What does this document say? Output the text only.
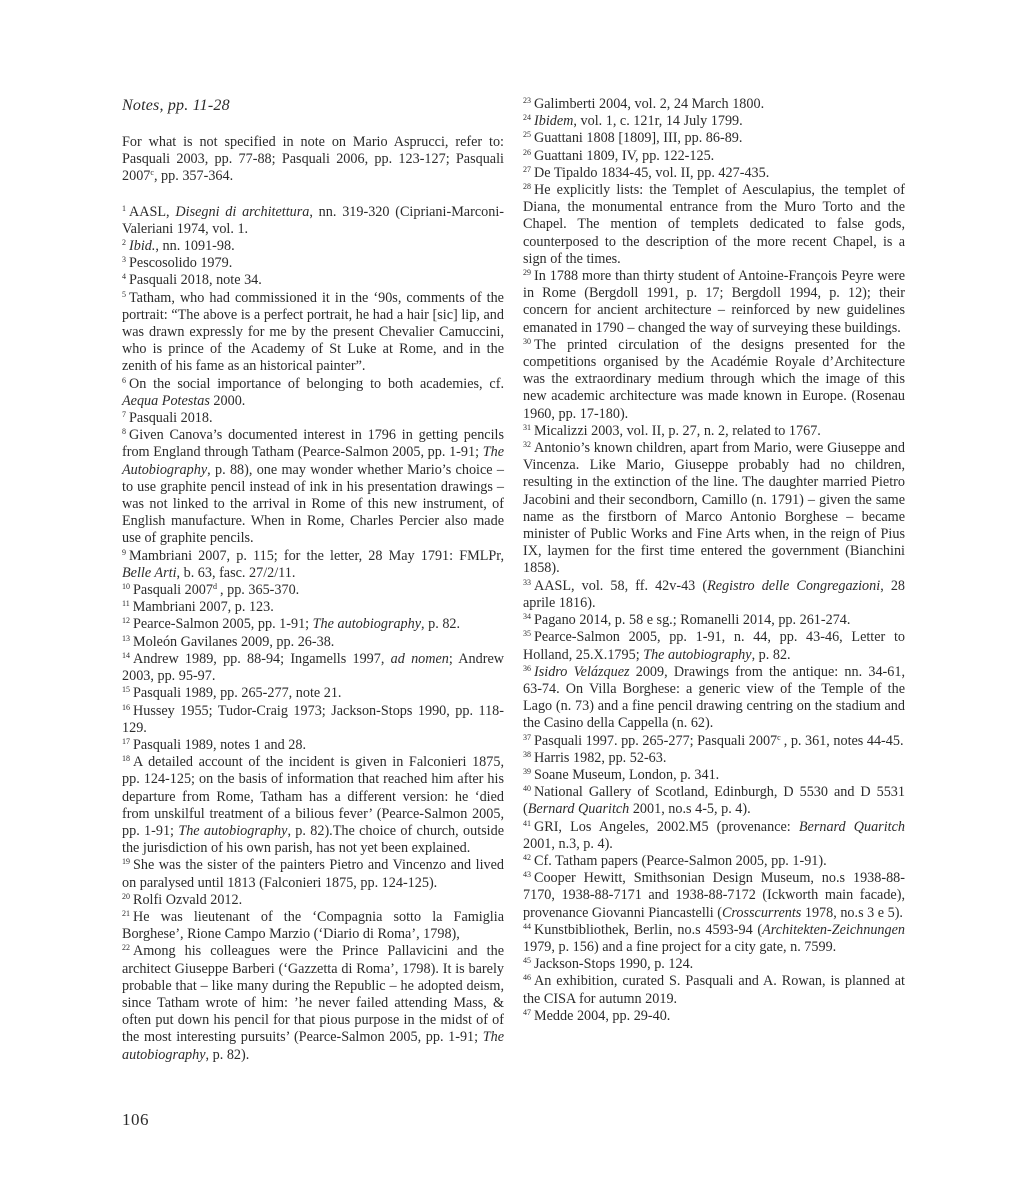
Notes, pp. 11-28

For what is not specified in note on Mario Asprucci, refer to: Pasquali 2003, pp. 77-88; Pasquali 2006, pp. 123-127; Pasquali 2007$^c$, pp. 357-364.

$^1$ AASL, Disegni di architettura, nn. 319-320 (Cipriani-Marconi-Valeriani 1974, vol. 1.

$^2$ Ibid., nn. 1091-98.

$^3$ Pescosolido 1979.

$^4$ Pasquali 2018, note 34.

$^5$ Tatham, who had commissioned it in the ‘90s, comments of the portrait: “The above is a perfect portrait, he had a hair [sic] lip, and was drawn expressly for me by the present Chevalier Camuccini, who is prince of the Academy of St Luke at Rome, and in the zenith of his fame as an historical painter”.

$^6$ On the social importance of belonging to both academies, cf. Aequa Potestas 2000.

$^7$ Pasquali 2018.

$^8$ Given Canova’s documented interest in 1796 in getting pencils from England through Tatham (Pearce-Salmon 2005, pp. 1-91; The Autobiography, p. 88), one may wonder whether Mario’s choice – to use graphite pencil instead of ink in his presentation drawings – was not linked to the arrival in Rome of this new instrument, of English manufacture. When in Rome, Charles Percier also made use of graphite pencils.

$^9$ Mambriani 2007, p. 115; for the letter, 28 May 1791: FMLPr, Belle Arti, b. 63, fasc. 27/2/11.

$^{10}$ Pasquali 2007$^d$ , pp. 365-370.

$^{11}$ Mambriani 2007, p. 123.

$^{12}$ Pearce-Salmon 2005, pp. 1-91; The autobiography, p. 82.

$^{13}$ Moleón Gavilanes 2009, pp. 26-38.

$^{14}$ Andrew 1989, pp. 88-94; Ingamells 1997, ad nomen; Andrew 2003, pp. 95-97.

$^{15}$ Pasquali 1989, pp. 265-277, note 21.

$^{16}$ Hussey 1955; Tudor-Craig 1973; Jackson-Stops 1990, pp. 118-129.

$^{17}$ Pasquali 1989, notes 1 and 28.

$^{18}$ A detailed account of the incident is given in Falconieri 1875, pp. 124-125; on the basis of information that reached him after his departure from Rome, Tatham has a different version: he ‘died from unskilful treatment of a bilious fever’ (Pearce-Salmon 2005, pp. 1-91; The autobiography, p. 82).The choice of church, outside the jurisdiction of his own parish, has not yet been explained.

$^{19}$ She was the sister of the painters Pietro and Vincenzo and lived on paralysed until 1813 (Falconieri 1875, pp. 124-125).

$^{20}$ Rolfi Ozvald 2012.

$^{21}$ He was lieutenant of the ‘Compagnia sotto la Famiglia Borghese’, Rione Campo Marzio (‘Diario di Roma’, 1798),

$^{22}$ Among his colleagues were the Prince Pallavicini and the architect Giuseppe Barberi (‘Gazzetta di Roma’, 1798). It is barely probable that – like many during the Republic – he adopted deism, since Tatham wrote of him: ’he never failed attending Mass, & often put down his pencil for that pious purpose in the midst of of the most interesting pursuits’ (Pearce-Salmon 2005, pp. 1-91; The autobiography, p. 82).

$^{23}$ Galimberti 2004, vol. 2, 24 March 1800.

$^{24}$ Ibidem, vol. 1, c. 121r, 14 July 1799.

$^{25}$ Guattani 1808 [1809], III, pp. 86-89.

$^{26}$ Guattani 1809, IV, pp. 122-125.

$^{27}$ De Tipaldo 1834-45, vol. II, pp. 427-435.

$^{28}$ He explicitly lists: the Templet of Aesculapius, the templet of Diana, the monumental entrance from the Muro Torto and the Chapel. The mention of templets dedicated to false gods, counterposed to the description of the more recent Chapel, is a sign of the times.

$^{29}$ In 1788 more than thirty student of Antoine-François Peyre were in Rome (Bergdoll 1991, p. 17; Bergdoll 1994, p. 12); their concern for ancient architecture – reinforced by new guidelines emanated in 1790 – changed the way of surveying these buildings.

$^{30}$ The printed circulation of the designs presented for the competitions organised by the Académie Royale d’Architecture was the extraordinary medium through which the image of this new academic architecture was made known in Europe. (Rosenau 1960, pp. 17-180).

$^{31}$ Micalizzi 2003, vol. II, p. 27, n. 2, related to 1767.

$^{32}$ Antonio’s known children, apart from Mario, were Giuseppe and Vincenza. Like Mario, Giuseppe probably had no children, resulting in the extinction of the line. The daughter married Pietro Jacobini and their secondborn, Camillo (n. 1791) – given the same name as the firstborn of Marco Antonio Borghese – became minister of Public Works and Fine Arts when, in the reign of Pius IX, laymen for the first time entered the government (Bianchini 1858).

$^{33}$ AASL, vol. 58, ff. 42v-43 (Registro delle Congregazioni, 28 aprile 1816).

$^{34}$ Pagano 2014, p. 58 e sg.; Romanelli 2014, pp. 261-274.

$^{35}$ Pearce-Salmon 2005, pp. 1-91, n. 44, pp. 43-46, Letter to Holland, 25.X.1795; The autobiography, p. 82.

$^{36}$ Isidro Velázquez 2009, Drawings from the antique: nn. 34-61, 63-74. On Villa Borghese: a generic view of the Temple of the Lago (n. 73) and a fine pencil drawing centring on the stadium and the Casino della Cappella (n. 62).

$^{37}$ Pasquali 1997. pp. 265-277; Pasquali 2007$^c$ , p. 361, notes 44-45.

$^{38}$ Harris 1982, pp. 52-63.

$^{39}$ Soane Museum, London, p. 341.

$^{40}$ National Gallery of Scotland, Edinburgh, D 5530 and D 5531 (Bernard Quaritch 2001, no.s 4-5, p. 4).

$^{41}$ GRI, Los Angeles, 2002.M5 (provenance: Bernard Quaritch 2001, n.3, p. 4).

$^{42}$ Cf. Tatham papers (Pearce-Salmon 2005, pp. 1-91).

$^{43}$ Cooper Hewitt, Smithsonian Design Museum, no.s 1938-88-7170, 1938-88-7171 and 1938-88-7172 (Ickworth main facade), provenance Giovanni Piancastelli (Crosscurrents 1978, no.s 3 e 5).

$^{44}$ Kunstbibliothek, Berlin, no.s 4593-94 (Architekten-Zeichnungen 1979, p. 156) and a fine project for a city gate, n. 7599.

$^{45}$ Jackson-Stops 1990, p. 124.

$^{46}$ An exhibition, curated S. Pasquali and A. Rowan, is planned at the CISA for autumn 2019.

$^{47}$ Medde 2004, pp. 29-40.

106
